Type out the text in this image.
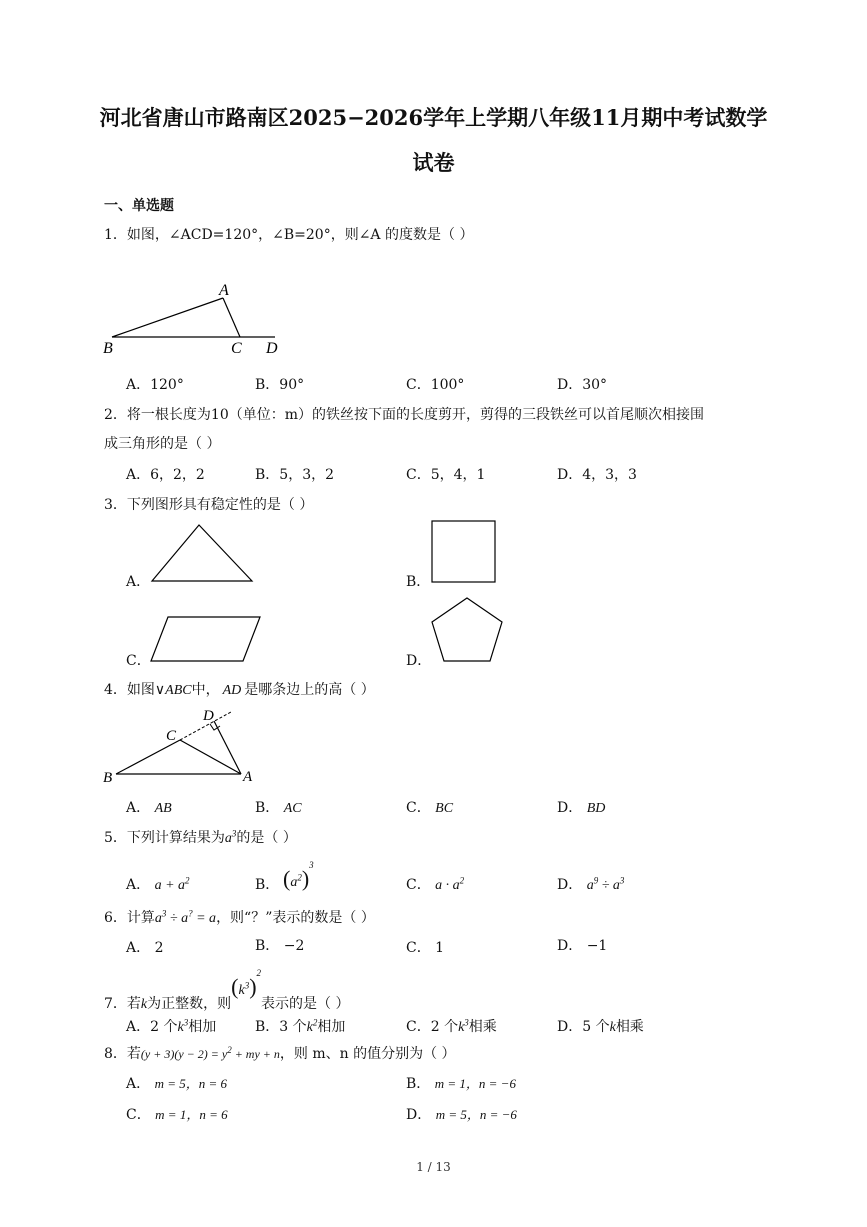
河北省唐山市路南区2025−2026学年上学期八年级11月期中考试数学
试卷
一、单选题
1．如图，∠ACD=120°，∠B=20°，则∠A 的度数是（ ）
A
B	C D
A．120°	B．90°	C．100°	D．30°
2．将一根长度为10（单位：m）的铁丝按下面的长度剪开，剪得的三段铁丝可以首尾顺次相接围
成三角形的是（ ）
A．6，2，2	B．5，3，2	C．5，4，1	D．4，3，3
3．下列图形具有稳定性的是（ ）
A．	B．
C．	D．
4．如图∨ABC中， AD 是哪条边上的高（ ）
D
C
B	A
A． AB	B． AC	C． BC	D． BD
5．下列计算结果为$a^3$的是（ ）
A． $a + a^2$	B． $(a^2)^3$
C． $a \cdot a^2$	D． $a^9 \div a^3$
6．计算$a^3 \div a^? = a$，则“？”表示的数是（ ）
A． 2	B． −2	C． 1	D． −1
7．若k为正整数，则$(k^3)^2$表示的是（ ）
A．2 个$k^3$相加	B．3 个$k^2$相加	C．2 个$k^3$相乘	D．5 个k相乘
8．若$(y + 3)(y - 2) = y^2$ + my + n，则 m、n 的值分别为（ ）
A． m = 5，n = 6	B． m = 1，n = −6
C． m = 1，n = 6	D． m = 5，n = −6
1 / 13
